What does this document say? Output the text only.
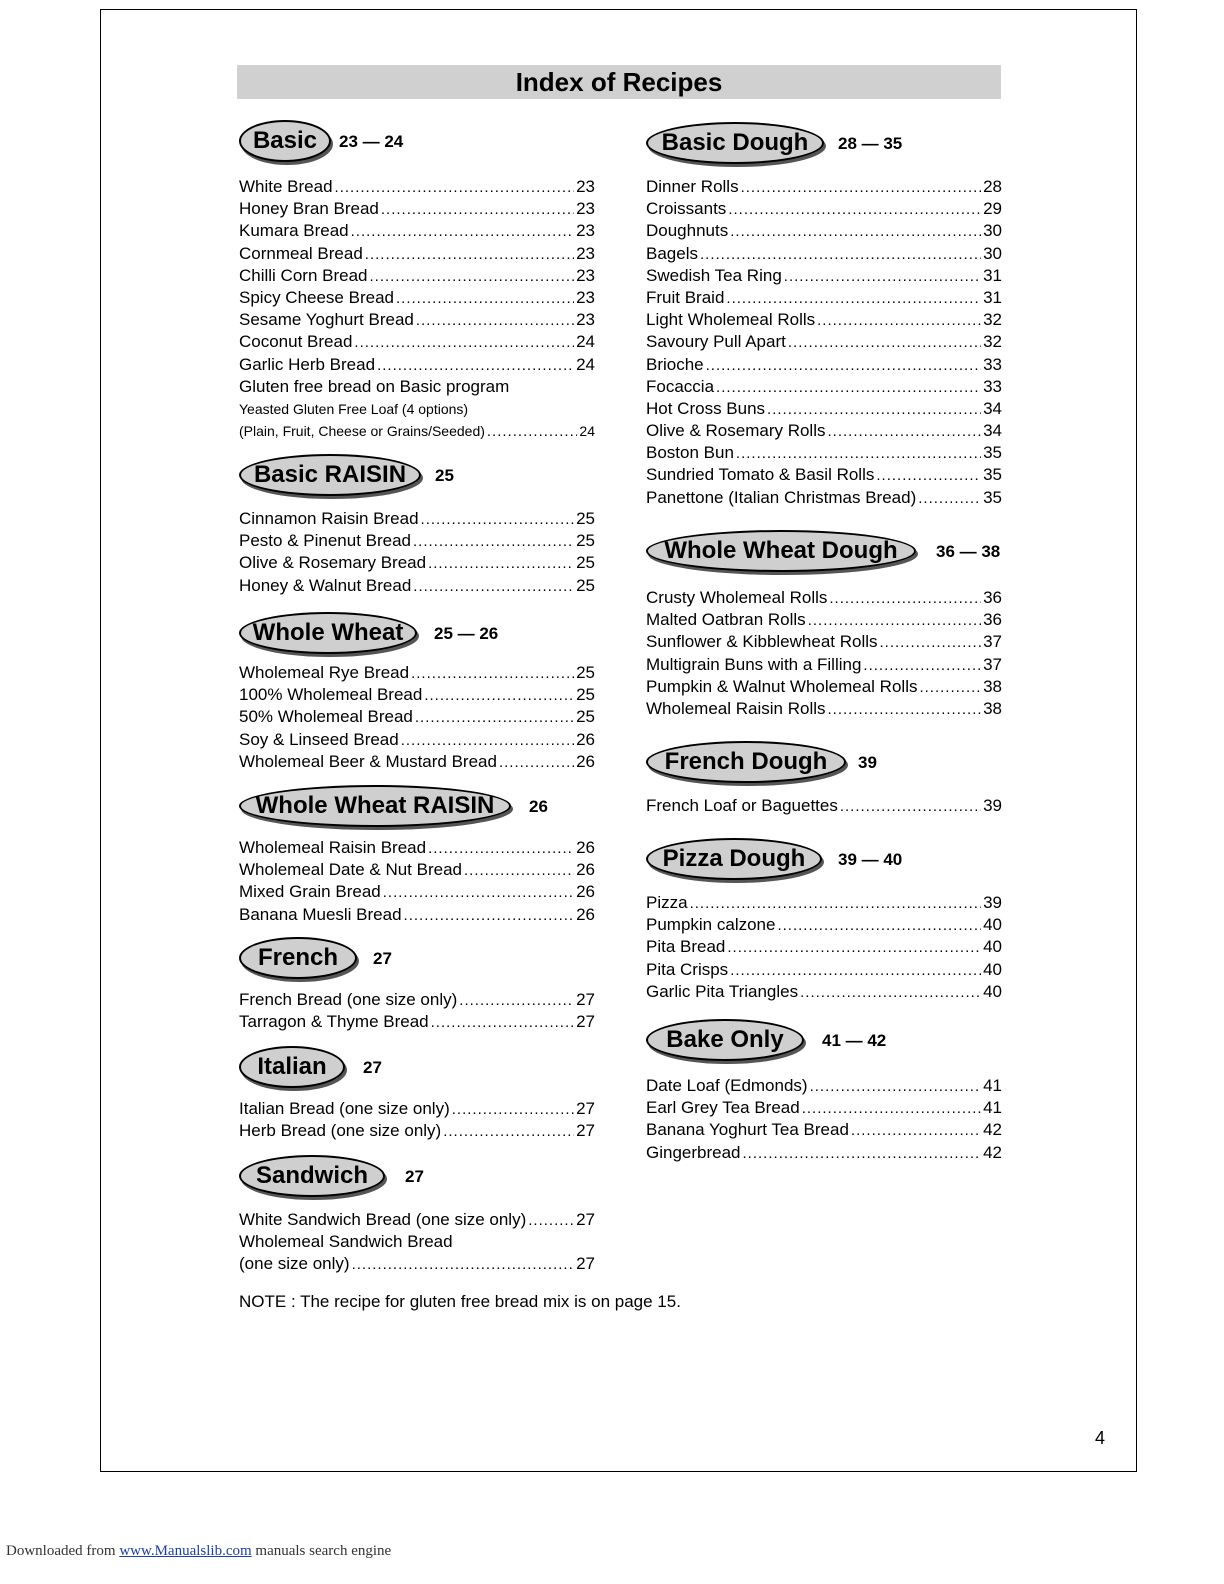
Index of Recipes
Basic	23 — 24
White Bread .....	23
Honey Bran Bread .....	23
Kumara Bread .....	23
Cornmeal Bread .....	23
Chilli Corn Bread .....	23
Spicy Cheese Bread .....	23
Sesame Yoghurt Bread .....	23
Coconut Bread .....	24
Garlic Herb Bread .....	24
Gluten free bread on Basic program
Yeasted Gluten Free Loaf (4 options)
(Plain, Fruit, Cheese or Grains/Seeded) .....	24
Basic RAISIN	25
Cinnamon Raisin Bread .....	25
Pesto & Pinenut Bread .....	25
Olive & Rosemary Bread .....	25
Honey & Walnut Bread .....	25
Whole Wheat	25 — 26
Wholemeal Rye Bread .....	25
100% Wholemeal Bread .....	25
50% Wholemeal Bread .....	25
Soy & Linseed Bread .....	26
Wholemeal Beer & Mustard Bread .....	26
Whole Wheat RAISIN	26
Wholemeal Raisin Bread .....	26
Wholemeal Date & Nut Bread .....	26
Mixed Grain Bread .....	26
Banana Muesli Bread .....	26
French	27
French Bread (one size only) .....	27
Tarragon & Thyme Bread .....	27
Italian	27
Italian Bread (one size only) .....	27
Herb Bread (one size only) .....	27
Sandwich	27
White Sandwich Bread (one size only) .....	27
Wholemeal Sandwich Bread
(one size only) .....	27
Basic Dough	28 — 35
Dinner Rolls .....	28
Croissants .....	29
Doughnuts .....	30
Bagels .....	30
Swedish Tea Ring .....	31
Fruit Braid .....	31
Light Wholemeal Rolls .....	32
Savoury Pull Apart .....	32
Brioche .....	33
Focaccia .....	33
Hot Cross Buns .....	34
Olive & Rosemary Rolls .....	34
Boston Bun .....	35
Sundried Tomato & Basil Rolls .....	35
Panettone (Italian Christmas Bread) .....	35
Whole Wheat Dough	36 — 38
Crusty Wholemeal Rolls .....	36
Malted Oatbran Rolls .....	36
Sunflower & Kibblewheat Rolls .....	37
Multigrain Buns with a Filling .....	37
Pumpkin & Walnut Wholemeal Rolls .....	38
Wholemeal Raisin Rolls .....	38
French Dough	39
French Loaf or Baguettes .....	39
Pizza Dough	39 — 40
Pizza .....	39
Pumpkin calzone .....	40
Pita Bread .....	40
Pita Crisps .....	40
Garlic Pita Triangles .....	40
Bake Only	41 — 42
Date Loaf (Edmonds) .....	41
Earl Grey Tea Bread .....	41
Banana Yoghurt Tea Bread .....	42
Gingerbread .....	42
NOTE : The recipe for gluten free bread mix is on page 15.
4
Downloaded from www.Manualslib.com manuals search engine
